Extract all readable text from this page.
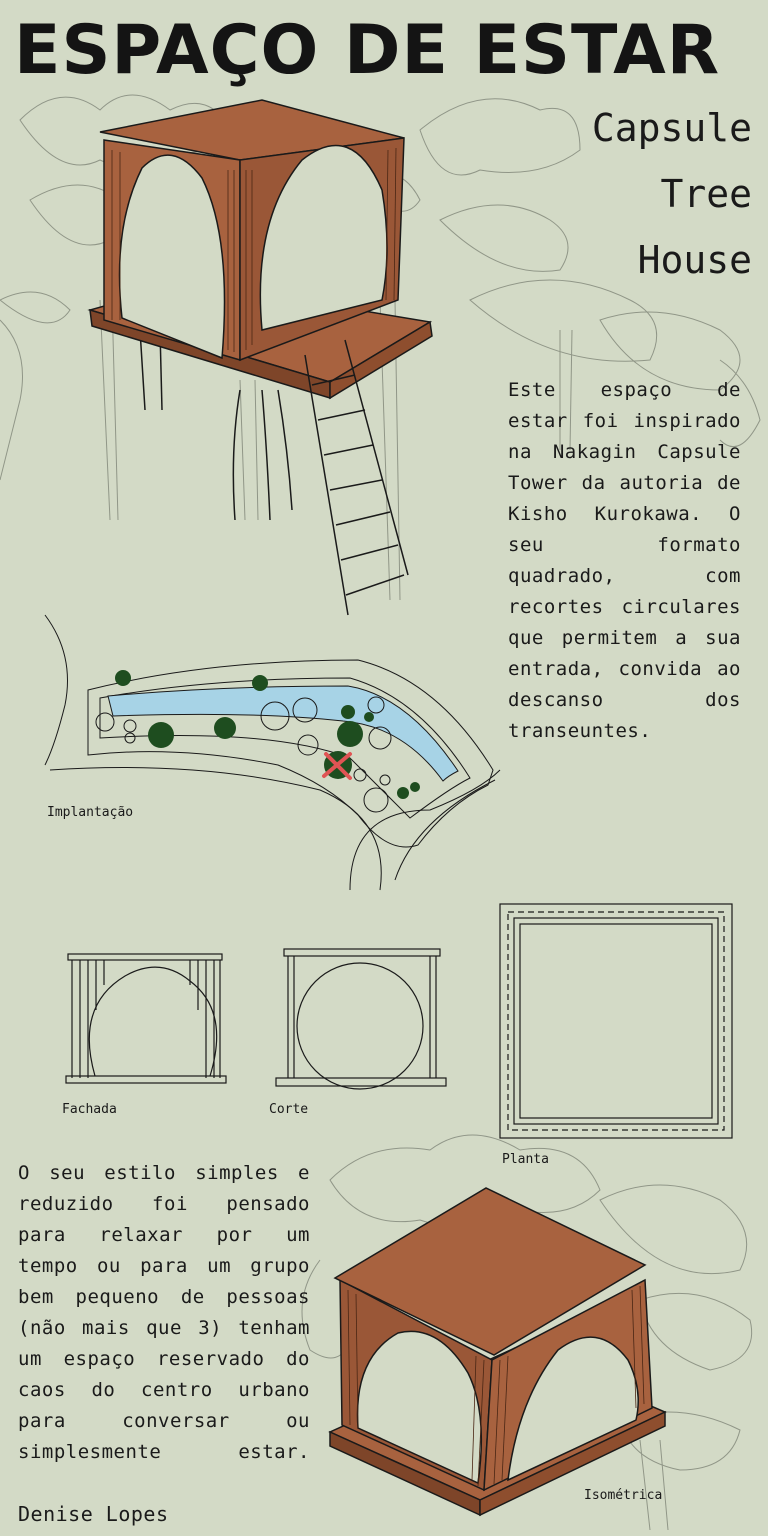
ESPAÇO DE ESTAR
Capsule
Tree
House
Este espaço de estar foi inspirado na Nakagin Capsule Tower da autoria de Kisho Kurokawa. O seu formato quadrado, com recortes circulares que permitem a sua entrada, convida ao descanso dos transeuntes.
Implantação
Fachada	Corte
Planta
O seu estilo simples e reduzido foi pensado para relaxar por um tempo ou para um grupo bem pequeno de pessoas (não mais que 3) tenham um espaço reservado do caos do centro urbano para conversar ou simplesmente estar.
Isométrica
Denise Lopes
